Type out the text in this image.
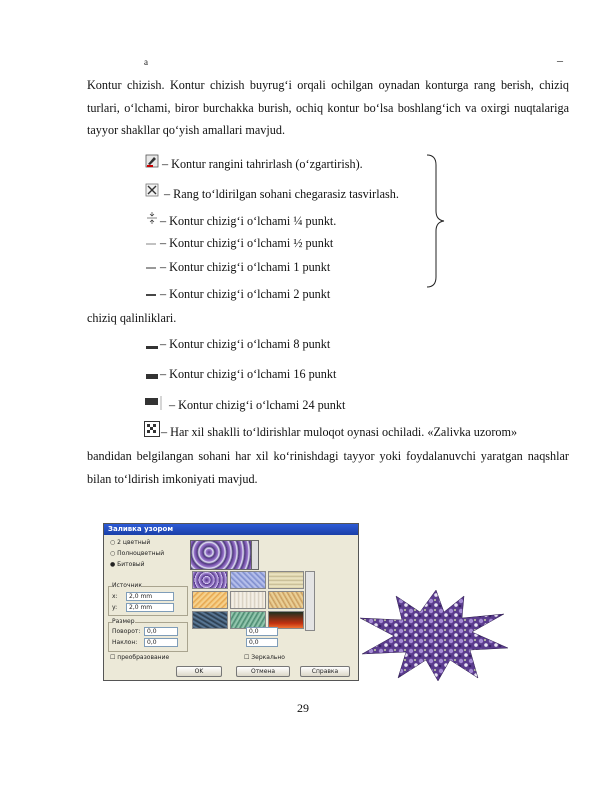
a	–
Kontur chizish. Kontur chizish buyrug‘i orqali ochilgan oynadan konturga rang berish, chiziq turlari, o‘lchami, biror burchakka burish, ochiq kontur bo‘lsa boshlang‘ich va oxirgi nuqtalariga tayyor shakllar qo‘yish amallari mavjud.
– Kontur rangini tahrirlash (o‘zgartirish).
– Rang to‘ldirilgan sohani chegarasiz tasvirlash.
– Kontur chizig‘i o‘lchami ¼ punkt.
– Kontur chizig‘i o‘lchami ½ punkt
– Kontur chizig‘i o‘lchami 1 punkt
– Kontur chizig‘i o‘lchami 2 punkt
chiziq qalinliklari.
– Kontur chizig‘i o‘lchami 8 punkt
– Kontur chizig‘i o‘lchami 16 punkt
– Kontur chizig‘i o‘lchami 24 punkt
– Har xil shaklli to‘ldirishlar muloqot oynasi ochiladi. «Zalivka uzorom»
bandidan belgilangan sohani har xil ko‘rinishdagi tayyor yoki foydalanuvchi yaratgan naqshlar bilan to‘ldirish imkoniyati mavjud.
Заливка узором
○ 2 цветный
○ Полноцветный
● Битовый
Источник
x:	2,0 mm
y:	2,0 mm
Размер
Поворот:	0,0
Наклон:	0,0	0,0
0,0
☐ преобразование	☐ Зеркально
OK	Отмена	Справка
29
